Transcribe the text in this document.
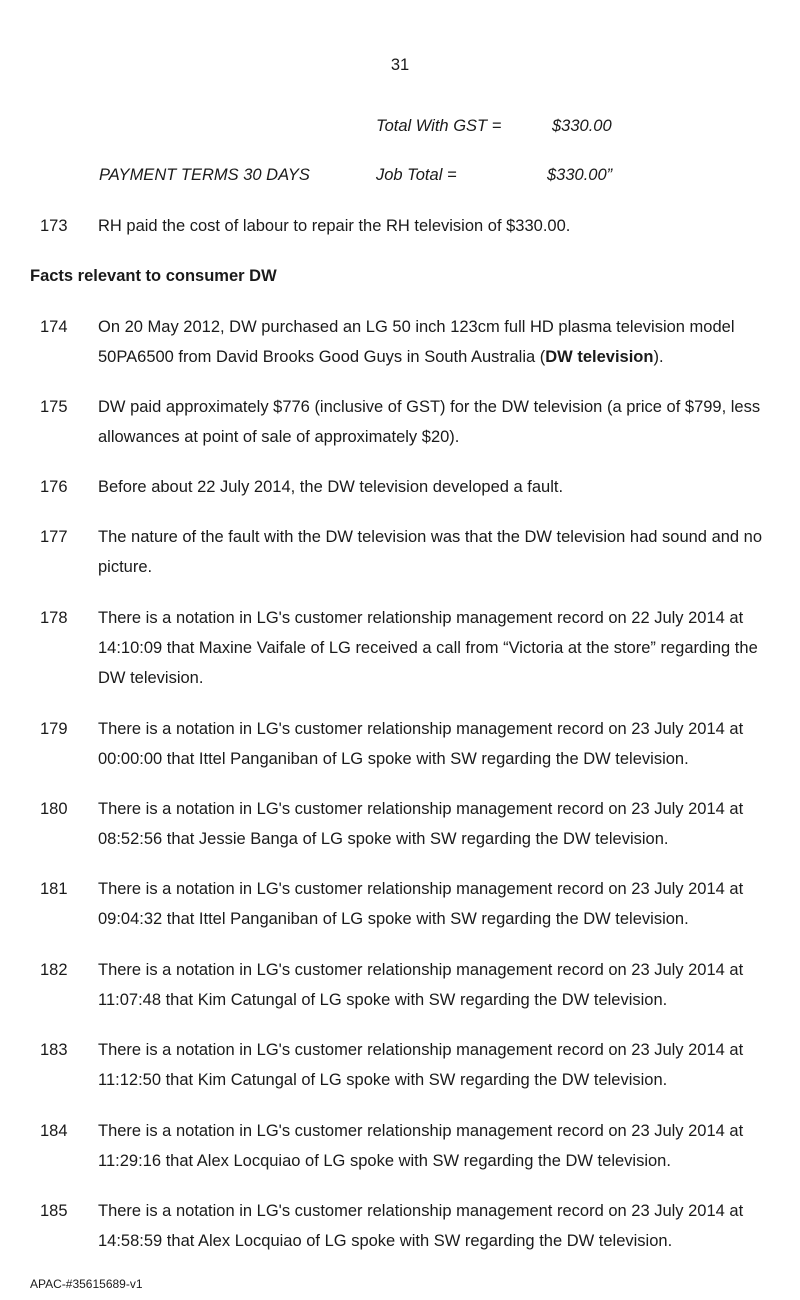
31
Total With GST =	$330.00
PAYMENT TERMS 30 DAYS	Job Total =	$330.00”
173	RH paid the cost of labour to repair the RH television of $330.00.
Facts relevant to consumer DW
174	On 20 May 2012, DW purchased an LG 50 inch 123cm full HD plasma television model 50PA6500 from David Brooks Good Guys in South Australia (DW television).
175	DW paid approximately $776 (inclusive of GST) for the DW television (a price of $799, less allowances at point of sale of approximately $20).
176	Before about 22 July 2014, the DW television developed a fault.
177	The nature of the fault with the DW television was that the DW television had sound and no picture.
178	There is a notation in LG's customer relationship management record on 22 July 2014 at 14:10:09 that Maxine Vaifale of LG received a call from “Victoria at the store” regarding the DW television.
179	There is a notation in LG's customer relationship management record on 23 July 2014 at 00:00:00 that Ittel Panganiban of LG spoke with SW regarding the DW television.
180	There is a notation in LG's customer relationship management record on 23 July 2014 at 08:52:56 that Jessie Banga of LG spoke with SW regarding the DW television.
181	There is a notation in LG's customer relationship management record on 23 July 2014 at 09:04:32 that Ittel Panganiban of LG spoke with SW regarding the DW television.
182	There is a notation in LG's customer relationship management record on 23 July 2014 at 11:07:48 that Kim Catungal of LG spoke with SW regarding the DW television.
183	There is a notation in LG's customer relationship management record on 23 July 2014 at 11:12:50 that Kim Catungal of LG spoke with SW regarding the DW television.
184	There is a notation in LG's customer relationship management record on 23 July 2014 at 11:29:16 that Alex Locquiao of LG spoke with SW regarding the DW television.
185	There is a notation in LG's customer relationship management record on 23 July 2014 at 14:58:59 that Alex Locquiao of LG spoke with SW regarding the DW television.
APAC-#35615689-v1
